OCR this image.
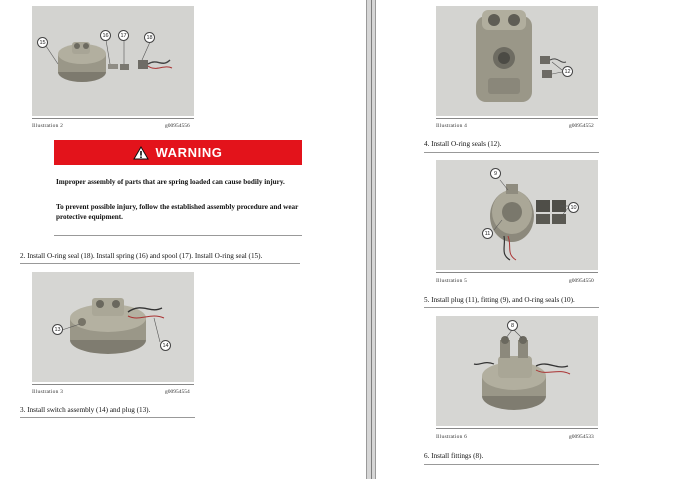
15
16	17	18
Illustration 2	g00954556
WARNING
Improper assembly of parts that are spring loaded can cause bodily injury.
To prevent possible injury, follow the established assembly procedure and wear protective equipment.
2. Install O-ring seal (18). Install spring (16) and spool (17). Install O-ring seal (15).
13
14
Illustration 3	g00954554
3. Install switch assembly (14) and plug (13).
12
Illustration 4	g00954552
4. Install O-ring seals (12).
9
10
11
Illustration 5	g00954550
5. Install plug (11), fitting (9), and O-ring seals (10).
8
Illustration 6	g00954533
6. Install fittings (8).
